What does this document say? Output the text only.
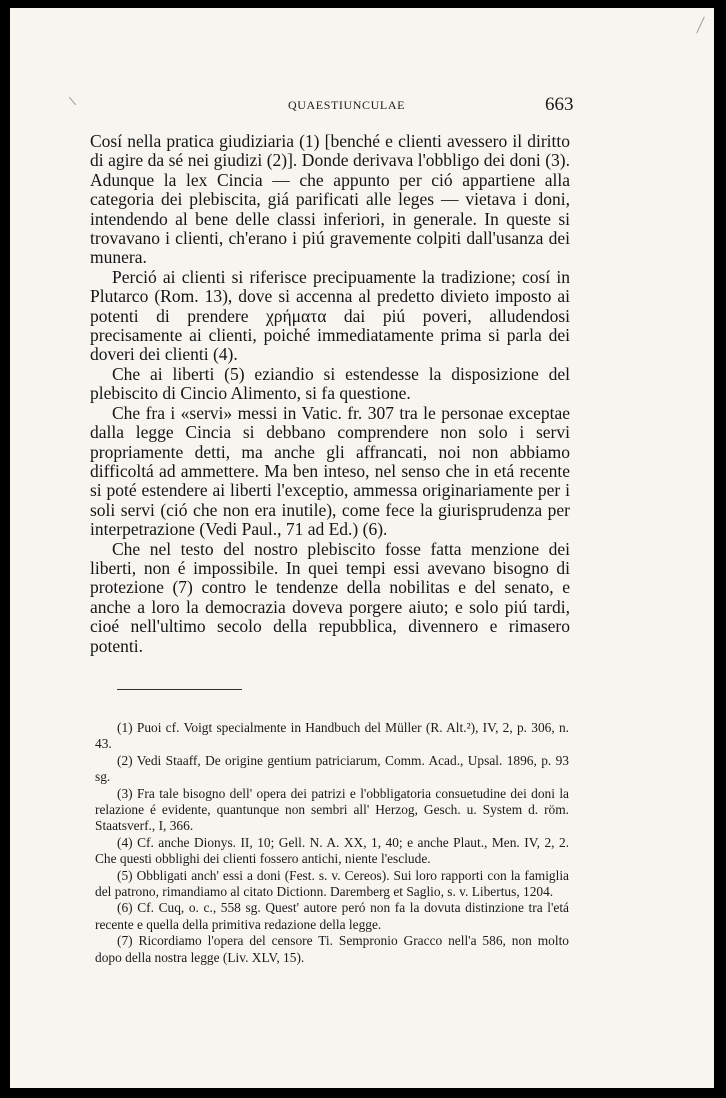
QUAESTIUNCULAE	663

Cosí nella pratica giudiziaria (1) [benché e clienti avessero il diritto di agire da sé nei giudizi (2)]. Donde derivava l'obbligo dei doni (3). Adunque la lex Cincia — che appunto per ció appartiene alla categoria dei plebiscita, giá parificati alle leges — vietava i doni, intendendo al bene delle classi inferiori, in generale. In queste si trovavano i clienti, ch'erano i piú gravemente colpiti dall'usanza dei munera.

Perció ai clienti si riferisce precipuamente la tradizione; cosí in Plutarco (Rom. 13), dove si accenna al predetto divieto imposto ai potenti di prendere χρήματα dai piú poveri, alludendosi precisamente ai clienti, poiché immediatamente prima si parla dei doveri dei clienti (4).

Che ai liberti (5) eziandio si estendesse la disposizione del plebiscito di Cincio Alimento, si fa questione.

Che fra i «servi» messi in Vatic. fr. 307 tra le personae exceptae dalla legge Cincia si debbano comprendere non solo i servi propriamente detti, ma anche gli affrancati, noi non abbiamo difficoltá ad ammettere. Ma ben inteso, nel senso che in etá recente si poté estendere ai liberti l'exceptio, ammessa originariamente per i soli servi (ció che non era inutile), come fece la giurisprudenza per interpetrazione (Vedi Paul., 71 ad Ed.) (6).

Che nel testo del nostro plebiscito fosse fatta menzione dei liberti, non é impossibile. In quei tempi essi avevano bisogno di protezione (7) contro le tendenze della nobilitas e del senato, e anche a loro la democrazia doveva porgere aiuto; e solo piú tardi, cioé nell'ultimo secolo della repubblica, divennero e rimasero potenti.

(1) Puoi cf. Voigt specialmente in Handbuch del Müller (R. Alt.²), IV, 2, p. 306, n. 43.

(2) Vedi Staaff, De origine gentium patriciarum, Comm. Acad., Upsal. 1896, p. 93 sg.

(3) Fra tale bisogno dell' opera dei patrizi e l'obbligatoria consuetudine dei doni la relazione é evidente, quantunque non sembri all' Herzog, Gesch. u. System d. röm. Staatsverf., I, 366.

(4) Cf. anche Dionys. II, 10; Gell. N. A. XX, 1, 40; e anche Plaut., Men. IV, 2, 2. Che questi obblighi dei clienti fossero antichi, niente l'esclude.

(5) Obbligati anch' essi a doni (Fest. s. v. Cereos). Sui loro rapporti con la famiglia del patrono, rimandiamo al citato Dictionn. Daremberg et Saglio, s. v. Libertus, 1204.

(6) Cf. Cuq, o. c., 558 sg. Quest' autore peró non fa la dovuta distinzione tra l'etá recente e quella della primitiva redazione della legge.

(7) Ricordiamo l'opera del censore Ti. Sempronio Gracco nell'a 586, non molto dopo della nostra legge (Liv. XLV, 15).
